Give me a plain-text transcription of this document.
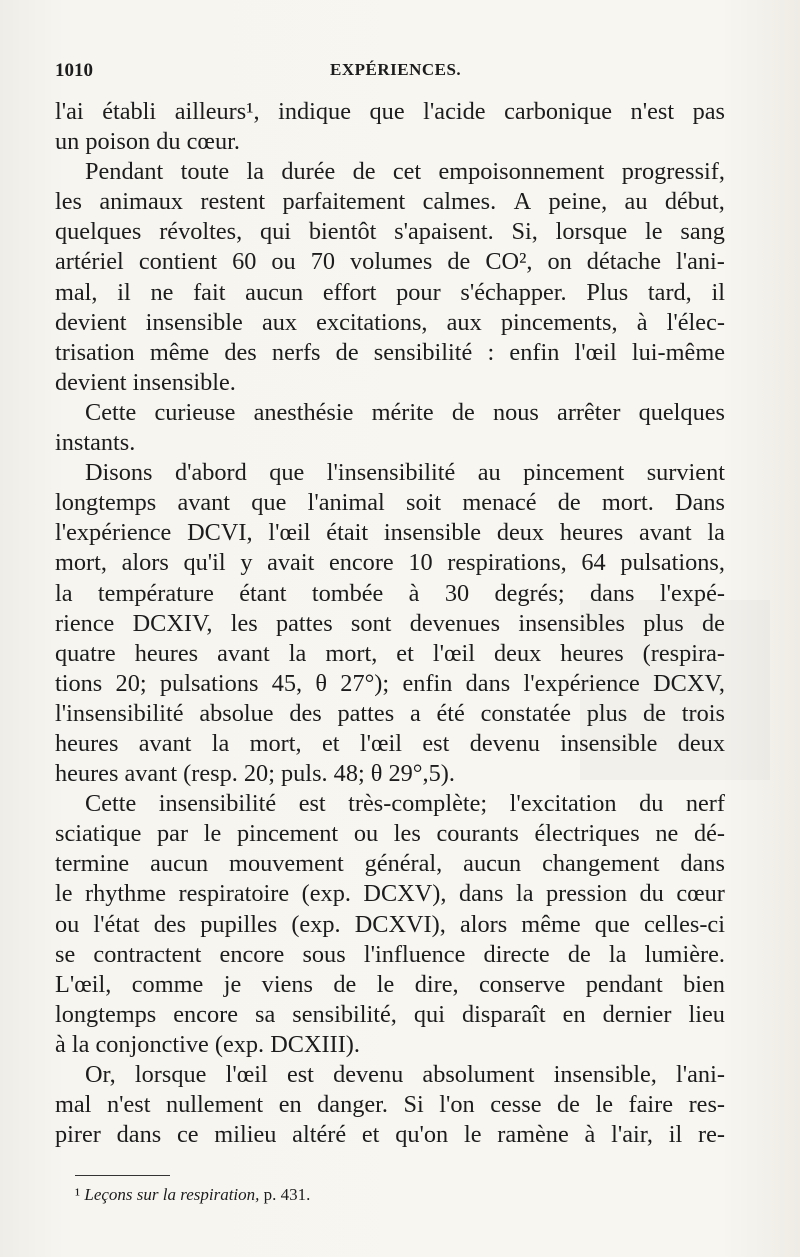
1010	EXPÉRIENCES.
l'ai établi ailleurs¹, indique que l'acide carbonique n'est pas
un poison du cœur.
Pendant toute la durée de cet empoisonnement progressif,
les animaux restent parfaitement calmes. A peine, au début,
quelques révoltes, qui bientôt s'apaisent. Si, lorsque le sang
artériel contient 60 ou 70 volumes de CO², on détache l'ani-
mal, il ne fait aucun effort pour s'échapper. Plus tard, il
devient insensible aux excitations, aux pincements, à l'élec-
trisation même des nerfs de sensibilité : enfin l'œil lui-même
devient insensible.
Cette curieuse anesthésie mérite de nous arrêter quelques
instants.
Disons d'abord que l'insensibilité au pincement survient
longtemps avant que l'animal soit menacé de mort. Dans
l'expérience DCVI, l'œil était insensible deux heures avant la
mort, alors qu'il y avait encore 10 respirations, 64 pulsations,
la température étant tombée à 30 degrés; dans l'expé-
rience DCXIV, les pattes sont devenues insensibles plus de
quatre heures avant la mort, et l'œil deux heures (respira-
tions 20; pulsations 45, θ 27°); enfin dans l'expérience DCXV,
l'insensibilité absolue des pattes a été constatée plus de trois
heures avant la mort, et l'œil est devenu insensible deux
heures avant (resp. 20; puls. 48; θ 29°,5).
Cette insensibilité est très-complète; l'excitation du nerf
sciatique par le pincement ou les courants électriques ne dé-
termine aucun mouvement général, aucun changement dans
le rhythme respiratoire (exp. DCXV), dans la pression du cœur
ou l'état des pupilles (exp. DCXVI), alors même que celles-ci
se contractent encore sous l'influence directe de la lumière.
L'œil, comme je viens de le dire, conserve pendant bien
longtemps encore sa sensibilité, qui disparaît en dernier lieu
à la conjonctive (exp. DCXIII).
Or, lorsque l'œil est devenu absolument insensible, l'ani-
mal n'est nullement en danger. Si l'on cesse de le faire res-
pirer dans ce milieu altéré et qu'on le ramène à l'air, il re-
¹ Leçons sur la respiration, p. 431.
